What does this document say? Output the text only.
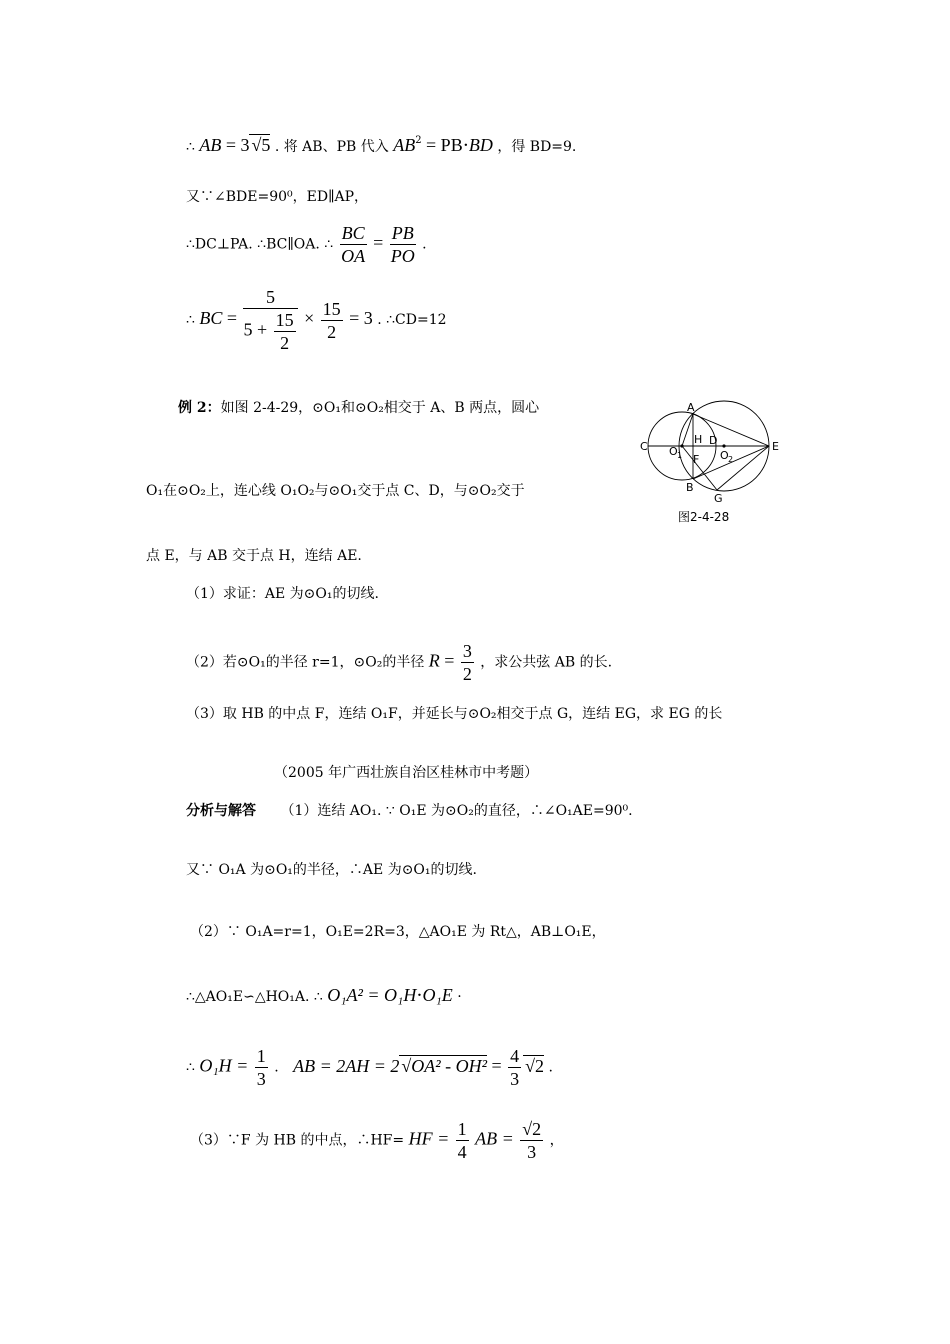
∴ AB = 3 √5 . 将 AB、PB 代入 $AB^2 = PB\cdot BD$ ，得 BD=9.
又∵∠BDE=90⁰，ED∥AP，
∴DC⊥PA. ∴BC∥OA. ∴ $\frac{BC}{OA} = \frac{PB}{PO}$ .
∴ BC = $\frac{5}{5 + \frac{15}{2}} \times \frac{15}{2} = 3$ . ∴CD=12
例 2：如图 2-4-29，⊙O₁和⊙O₂相交于 A、B 两点，圆心
O₁在⊙O₂上，连心线 O₁O₂与⊙O₁交于点 C、D，与⊙O₂交于
点 E，与 AB 交于点 H，连结 AE.
（1）求证：AE 为⊙O₁的切线.
（2）若⊙O₁的半径 r=1，⊙O₂的半径 $R = \frac{3}{2}$ ，求公共弦 AB 的长.
（3）取 HB 的中点 F，连结 O₁F，并延长与⊙O₂相交于点 G，连结 EG，求 EG 的长
（2005 年广西壮族自治区桂林市中考题）
分析与解答 （1）连结 AO₁. ∵ O₁E 为⊙O₂的直径，∴∠O₁AE=90⁰.
又∵ O₁A 为⊙O₁的半径，∴AE 为⊙O₁的切线.
（2）∵ O₁A=r=1，O₁E=2R=3，△AO₁E 为 Rt△，AB⊥O₁E，
∴△AO₁E∽△HO₁A. ∴ O₁A² = O₁H⋅O₁E ·
∴ $O_1H = \frac{1}{3}$ . AB = 2AH = 2 $√OA^2 - OH^2 = \frac{4}{3} √2$ .
（3）∵F 为 HB 的中点，∴HF= HF = $\frac{1}{4}$ AB = $\frac{√2}{3}$ ，
A
B
C	D	E
F
G
H
O 1	O 2
图2-4-28
